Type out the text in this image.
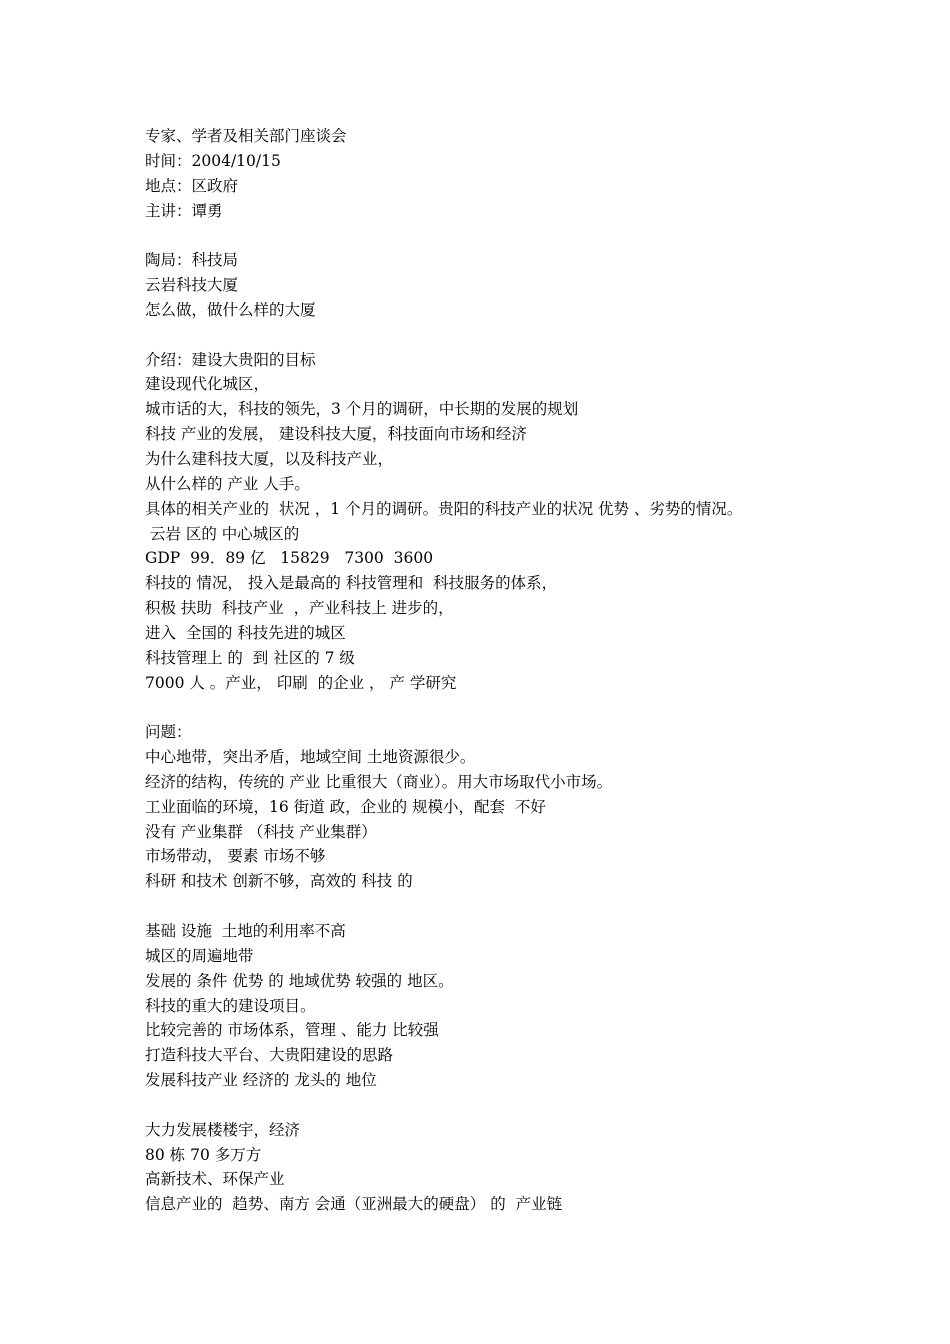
专家、学者及相关部门座谈会
时间：2004/10/15
地点：区政府
主讲：谭勇
陶局：科技局
云岩科技大厦
怎么做，做什么样的大厦
介绍：建设大贵阳的目标
建设现代化城区，
城市话的大，科技的领先，3 个月的调研，中长期的发展的规划
科技 产业的发展， 建设科技大厦，科技面向市场和经济
为什么建科技大厦，以及科技产业，
从什么样的 产业 人手。
具体的相关产业的  状况 ，1 个月的调研。贵阳的科技产业的状况 优势 、劣势的情况。
云岩 区的 中心城区的
GDP  99．89 亿   15829   7300  3600
科技的 情况， 投入是最高的 科技管理和  科技服务的体系，
积极 扶助  科技产业  ，产业科技上 进步的，
进入  全国的 科技先进的城区
科技管理上 的  到 社区的 7 级
7000 人 。产业， 印刷  的企业 ， 产 学研究
问题：
中心地带，突出矛盾，地域空间 土地资源很少。
经济的结构，传统的 产业 比重很大（商业）。用大市场取代小市场。
工业面临的环境，16 街道 政，企业的 规模小，配套  不好
没有 产业集群 （科技 产业集群）
市场带动， 要素 市场不够
科研 和技术 创新不够，高效的 科技 的
基础 设施  土地的利用率不高
城区的周遍地带
发展的 条件 优势 的 地域优势 较强的 地区。
科技的重大的建设项目。
比较完善的 市场体系，管理 、能力 比较强
打造科技大平台、大贵阳建设的思路
发展科技产业 经济的 龙头的 地位
大力发展楼楼宇，经济
80 栋 70 多万方
高新技术、环保产业
信息产业的  趋势、南方 会通（亚洲最大的硬盘） 的  产业链
